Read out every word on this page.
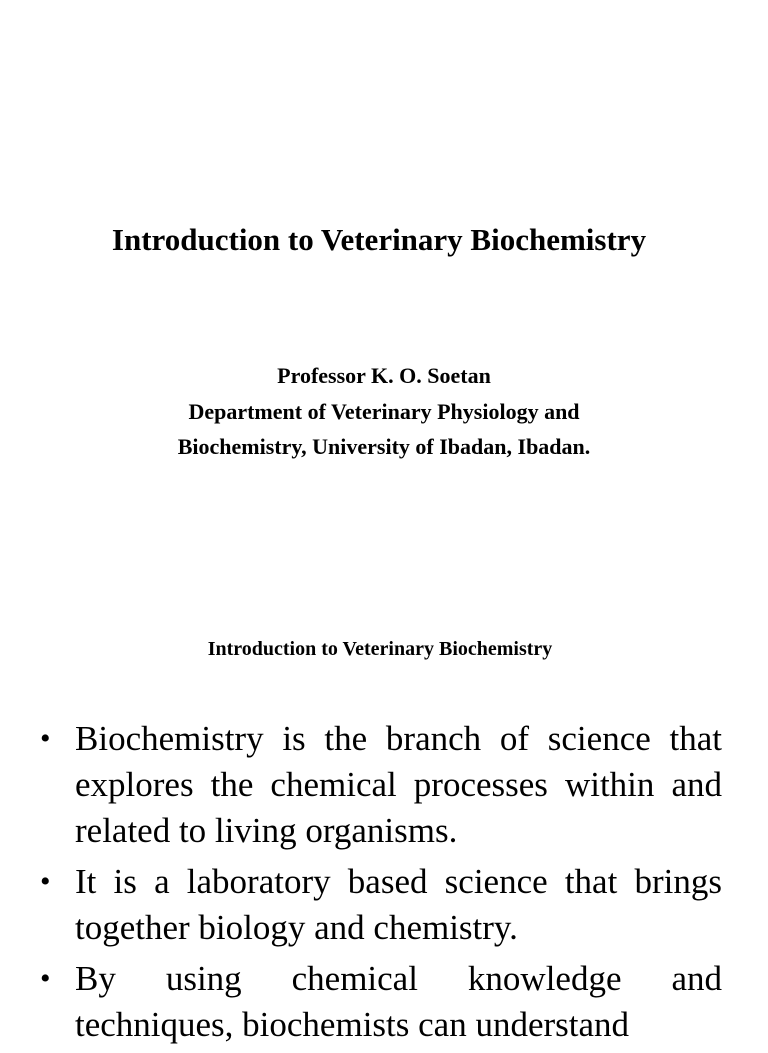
Introduction to Veterinary Biochemistry
Professor K. O. Soetan
Department of Veterinary Physiology and
Biochemistry, University of Ibadan, Ibadan.
Introduction to Veterinary Biochemistry
• Biochemistry is the branch of science that explores the chemical processes within and related to living organisms.
• It is a laboratory based science that brings together biology and chemistry.
• By using chemical knowledge and techniques, biochemists can understand
